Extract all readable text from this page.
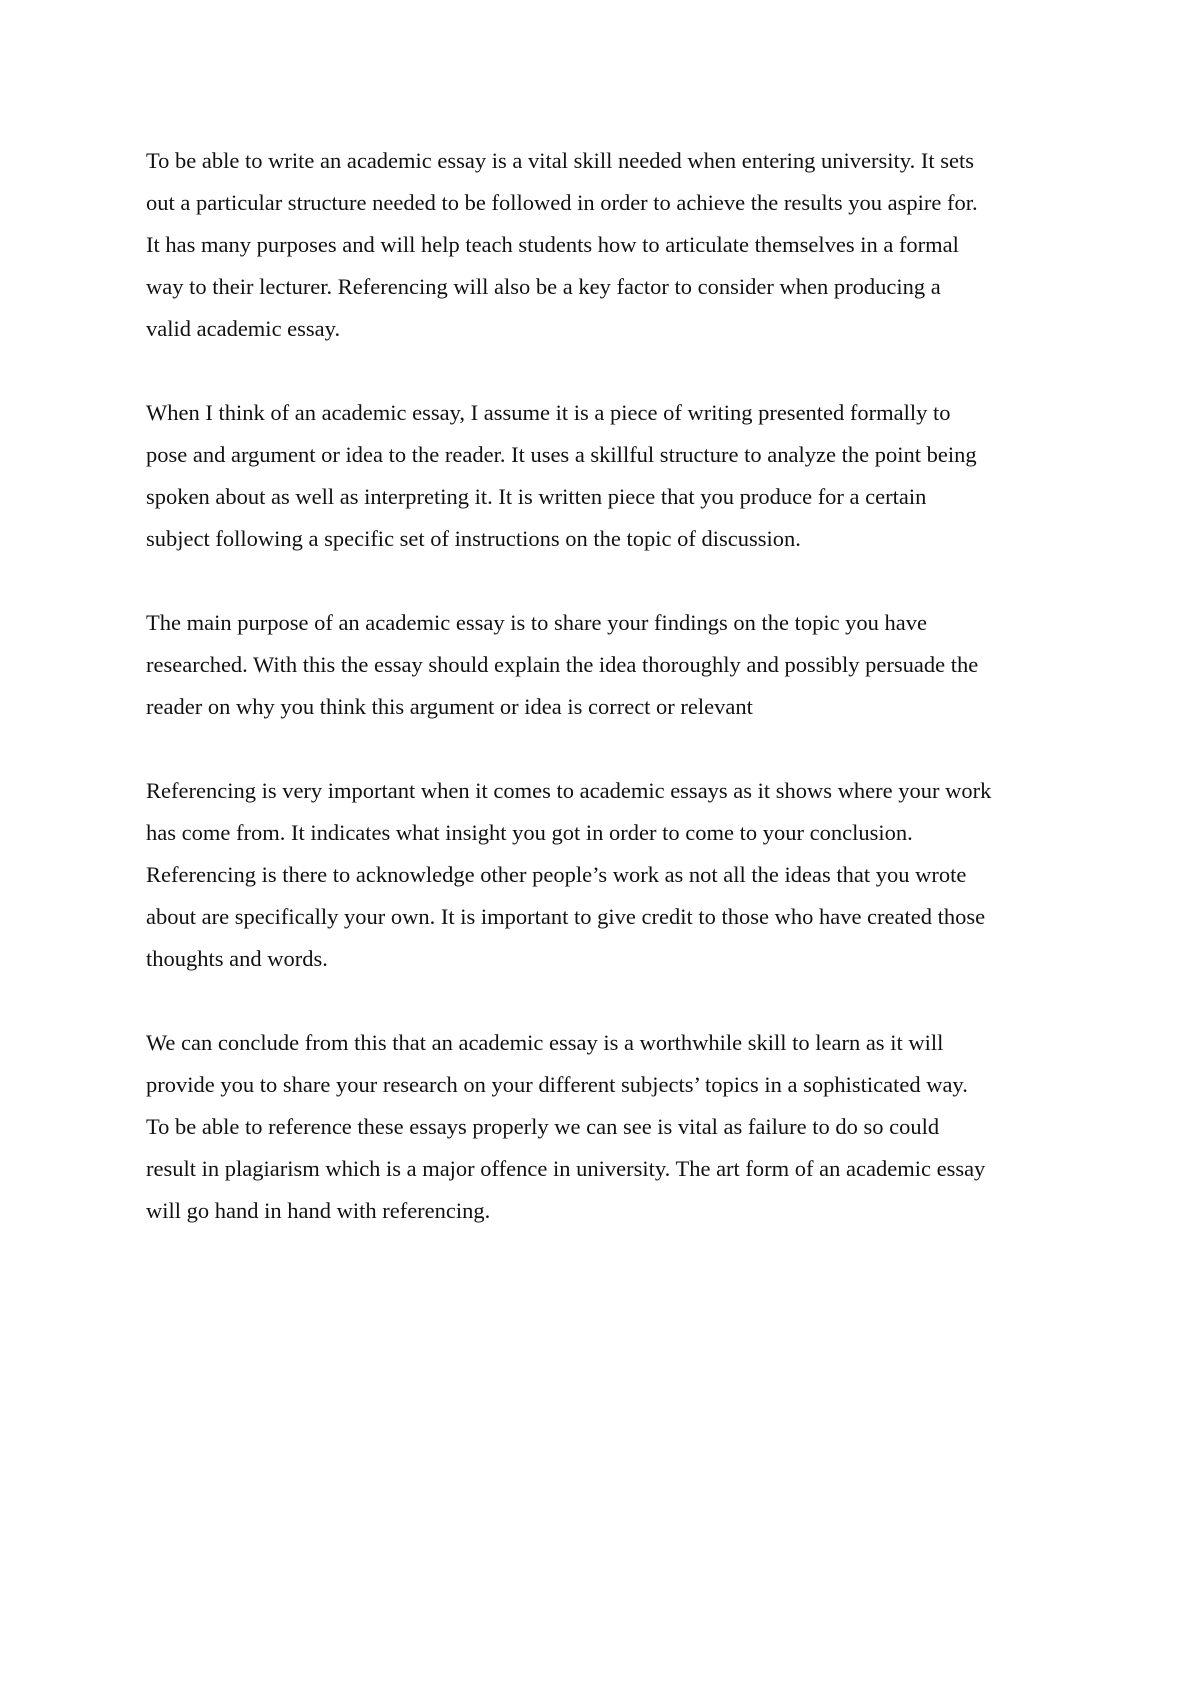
To be able to write an academic essay is a vital skill needed when entering university. It sets
out a particular structure needed to be followed in order to achieve the results you aspire for.
It has many purposes and will help teach students how to articulate themselves in a formal
way to their lecturer. Referencing will also be a key factor to consider when producing a
valid academic essay.

When I think of an academic essay, I assume it is a piece of writing presented formally to
pose and argument or idea to the reader. It uses a skillful structure to analyze the point being
spoken about as well as interpreting it. It is written piece that you produce for a certain
subject following a specific set of instructions on the topic of discussion.

The main purpose of an academic essay is to share your findings on the topic you have
researched. With this the essay should explain the idea thoroughly and possibly persuade the
reader on why you think this argument or idea is correct or relevant

Referencing is very important when it comes to academic essays as it shows where your work
has come from. It indicates what insight you got in order to come to your conclusion.
Referencing is there to acknowledge other people’s work as not all the ideas that you wrote
about are specifically your own. It is important to give credit to those who have created those
thoughts and words.

We can conclude from this that an academic essay is a worthwhile skill to learn as it will
provide you to share your research on your different subjects’ topics in a sophisticated way.
To be able to reference these essays properly we can see is vital as failure to do so could
result in plagiarism which is a major offence in university. The art form of an academic essay
will go hand in hand with referencing.
